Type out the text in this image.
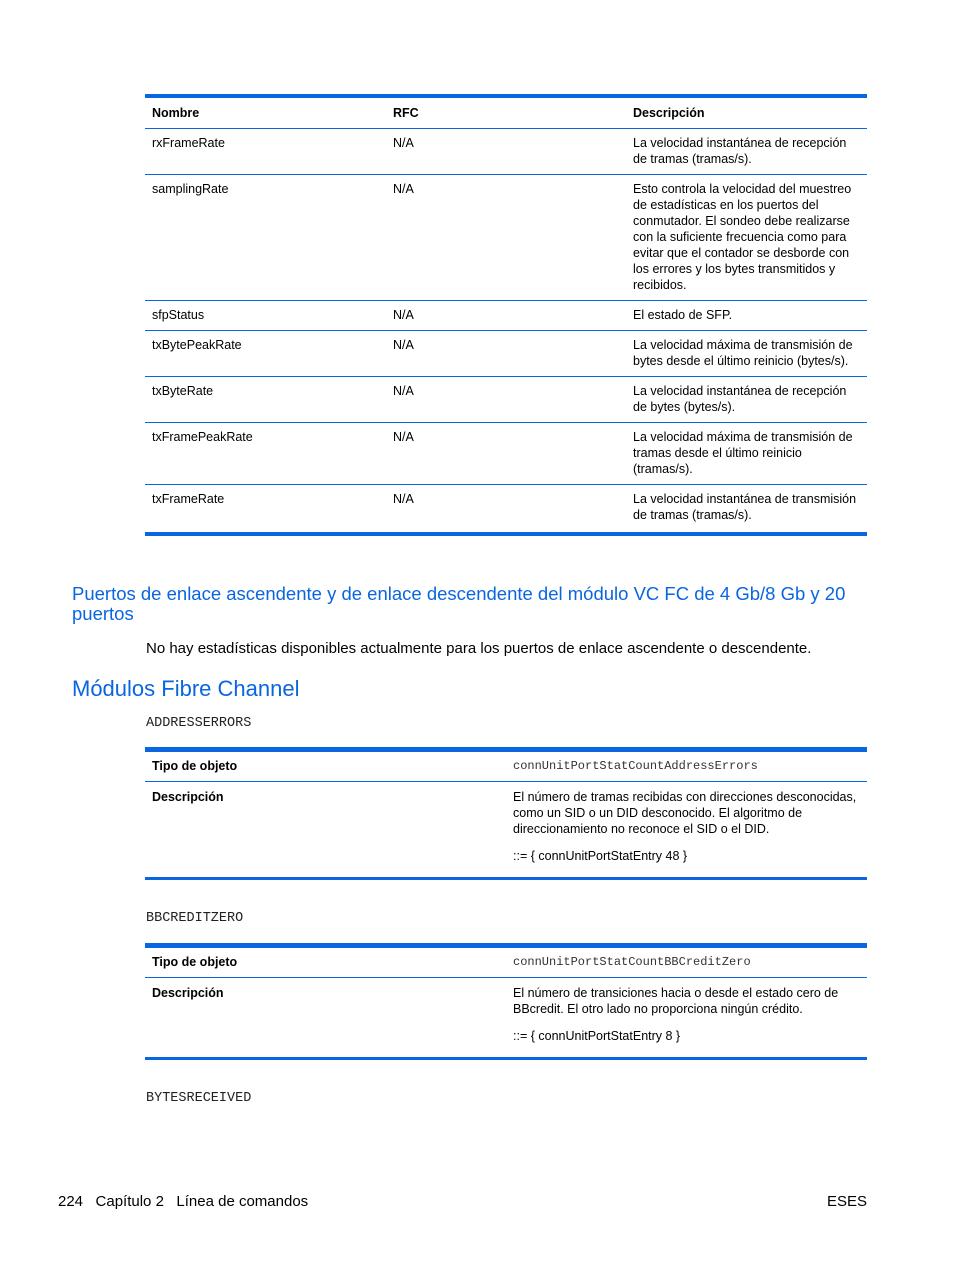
Nombre	RFC	Descripción
rxFrameRate	N/A	La velocidad instantánea de recepción de tramas (tramas/s).
samplingRate	N/A	Esto controla la velocidad del muestreo de estadísticas en los puertos del conmutador. El sondeo debe realizarse con la suficiente frecuencia como para evitar que el contador se desborde con los errores y los bytes transmitidos y recibidos.
sfpStatus	N/A	El estado de SFP.
txBytePeakRate	N/A	La velocidad máxima de transmisión de bytes desde el último reinicio (bytes/s).
txByteRate	N/A	La velocidad instantánea de recepción de bytes (bytes/s).
txFramePeakRate	N/A	La velocidad máxima de transmisión de tramas desde el último reinicio (tramas/s).
txFrameRate	N/A	La velocidad instantánea de transmisión de tramas (tramas/s).
Puertos de enlace ascendente y de enlace descendente del módulo VC FC de 4 Gb/8 Gb y 20 puertos
No hay estadísticas disponibles actualmente para los puertos de enlace ascendente o descendente.
Módulos Fibre Channel
ADDRESSERRORS
Tipo de objeto	connUnitPortStatCountAddressErrors
Descripción	El número de tramas recibidas con direcciones desconocidas, como un SID o un DID desconocido. El algoritmo de direccionamiento no reconoce el SID o el DID.

::= { connUnitPortStatEntry 48 }

BBCREDITZERO
Tipo de objeto	connUnitPortStatCountBBCreditZero
Descripción	El número de transiciones hacia o desde el estado cero de BBcredit. El otro lado no proporciona ningún crédito.

::= { connUnitPortStatEntry 8 }

BYTESRECEIVED
224   Capítulo 2   Línea de comandos	ESES
